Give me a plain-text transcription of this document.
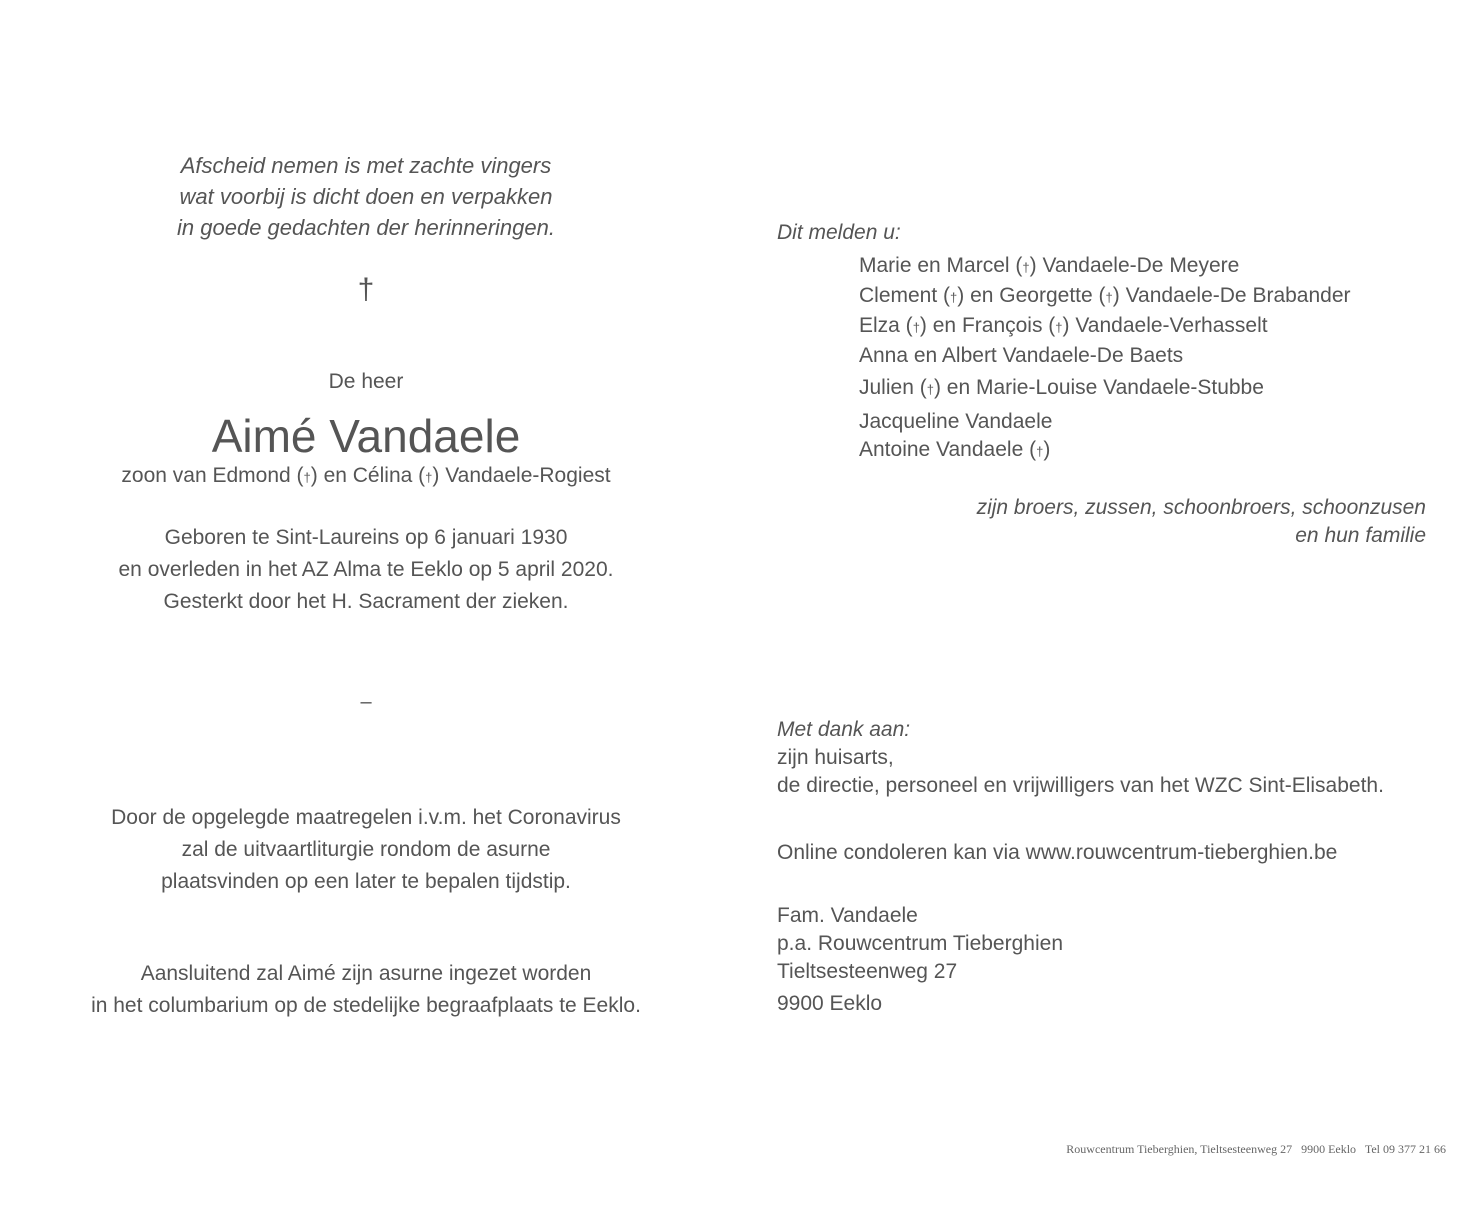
Afscheid nemen is met zachte vingers
wat voorbij is dicht doen en verpakken
in goede gedachten der herinneringen.
†
De heer
Aimé Vandaele
zoon van Edmond (†) en Célina (†) Vandaele-Rogiest
Geboren te Sint-Laureins op 6 januari 1930
en overleden in het AZ Alma te Eeklo op 5 april 2020.
Gesterkt door het H. Sacrament der zieken.
–
Door de opgelegde maatregelen i.v.m. het Coronavirus
zal de uitvaartliturgie rondom de asurne
plaatsvinden op een later te bepalen tijdstip.
Aansluitend zal Aimé zijn asurne ingezet worden
in het columbarium op de stedelijke begraafplaats te Eeklo.
Dit melden u:
Marie en Marcel (†) Vandaele-De Meyere
Clement (†) en Georgette (†) Vandaele-De Brabander
Elza (†) en François (†) Vandaele-Verhasselt
Anna en Albert Vandaele-De Baets
Julien (†) en Marie-Louise Vandaele-Stubbe
Jacqueline Vandaele
Antoine Vandaele (†)
zijn broers, zussen, schoonbroers, schoonzusen
en hun familie
Met dank aan:
zijn huisarts,
de directie, personeel en vrijwilligers van het WZC Sint-Elisabeth.
Online condoleren kan via www.rouwcentrum-tieberghien.be
Fam. Vandaele
p.a. Rouwcentrum Tieberghien
Tieltsesteenweg 27
9900 Eeklo
Rouwcentrum Tieberghien, Tieltsesteenweg 27   9900 Eeklo   Tel 09 377 21 66
